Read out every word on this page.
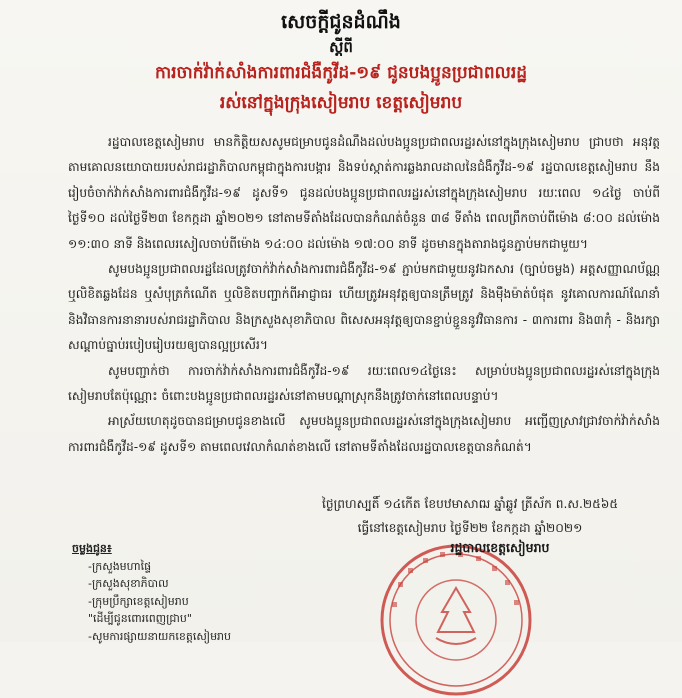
សេចក្តីជូនដំណឹង
ស្តីពី
ការចាក់វ៉ាក់សាំងការពារជំងឺកូវីដ-១៩ ជូនបងប្អូនប្រជាពលរដ្ឋ
រស់នៅក្នុងក្រុងសៀមរាប ខេត្តសៀមរាប

រដ្ឋបាលខេត្តសៀមរាប មានកិត្តិយសសូមជម្រាបជូនដំណឹងដល់បងប្អូនប្រជាពលរដ្ឋរស់នៅក្នុងក្រុងសៀមរាប ជ្រាបថា អនុវត្តតាមគោលនយោបាយរបស់រាជរដ្ឋាភិបាលកម្ពុជាក្នុងការបង្ការ និងទប់ស្កាត់ការឆ្លងរាលដាលនៃជំងឺកូវីដ-១៩ រដ្ឋបាលខេត្តសៀមរាប នឹងរៀបចំចាក់វ៉ាក់សាំងការពារជំងឺកូវីដ-១៩ ដូសទី១ ជូនដល់បងប្អូនប្រជាពលរដ្ឋរស់នៅក្នុងក្រុងសៀមរាប រយៈពេល ១៤ថ្ងៃ ចាប់ពីថ្ងៃទី១០ ដល់ថ្ងៃទី២៣ ខែកក្កដា ឆ្នាំ២០២១ នៅតាមទីតាំងដែលបានកំណត់ចំនួន ៣៨ ទីតាំង ពេលព្រឹកចាប់ពីម៉ោង ៨:០០ ដល់ម៉ោង ១១:៣០ នាទី និងពេលរសៀលចាប់ពីម៉ោង ១៤:០០ ដល់ម៉ោង ១៧:០០ នាទី ដូចមានក្នុងតារាងជូនភ្ជាប់មកជាមួយ។

សូមបងប្អូនប្រជាពលរដ្ឋដែលត្រូវចាក់វ៉ាក់សាំងការពារជំងឺកូវីដ-១៩ ភ្ជាប់មកជាមួយនូវឯកសារ (ច្បាប់ចម្លង) អត្តសញ្ញាណប័ណ្ណ ឬលិខិតឆ្លងដែន ឬសំបុត្រកំណើត ឬលិខិតបញ្ជាក់ពីអាជ្ញាធរ ហើយត្រូវអនុវត្តឲ្យបានត្រឹមត្រូវ និងម៉ឺងម៉ាត់បំផុត នូវគោលការណ៍ណែនាំ និងវិធានការនានារបស់រាជរដ្ឋាភិបាល និងក្រសួងសុខាភិបាល ពិសេសអនុវត្តឲ្យបានខ្ជាប់ខ្ជួននូវវិធានការ - ៣ការពារ និង៣កុំ - និងរក្សាសណ្តាប់ធ្នាប់របៀបរៀបរយឲ្យបានល្អប្រសើរ។

សូមបញ្ជាក់ថា ការចាក់វ៉ាក់សាំងការពារជំងឺកូវីដ-១៩ រយៈពេល១៤ថ្ងៃនេះ សម្រាប់បងប្អូនប្រជាពលរដ្ឋរស់នៅក្នុងក្រុងសៀមរាបតែប៉ុណ្ណោះ ចំពោះបងប្អូនប្រជាពលរដ្ឋរស់នៅតាមបណ្តាស្រុកនឹងត្រូវចាក់នៅពេលបន្ទាប់។

អាស្រ័យហេតុដូចបានជម្រាបជូនខាងលើ សូមបងប្អូនប្រជាពលរដ្ឋរស់នៅក្នុងក្រុងសៀមរាប អញ្ជើញស្រាវជ្រាវចាក់វ៉ាក់សាំងការពារជំងឺកូវីដ-១៩ ដូសទី១ តាមពេលវេលាកំណត់ខាងលើ នៅតាមទីតាំងដែលរដ្ឋបាលខេត្តបានកំណត់។

ថ្ងៃព្រហស្បតិ៍ ១៤កើត ខែបឋមាសាឍ ឆ្នាំឆ្លូវ ត្រីស័ក ព.ស.២៥៦៥
ធ្វើនៅខេត្តសៀមរាប ថ្ងៃទី២២ ខែកក្កដា ឆ្នាំ២០២១
រដ្ឋបាលខេត្តសៀមរាប
ចម្លងជូន៖
-ក្រសួងមហាផ្ទៃ
-ក្រសួងសុខាភិបាល
-ក្រុមប្រឹក្សាខេត្តសៀមរាប
"ដើម្បីជូនពោរពេញជ្រាប"
-សូមការផ្សាយនាយកខេត្តសៀមរាប
